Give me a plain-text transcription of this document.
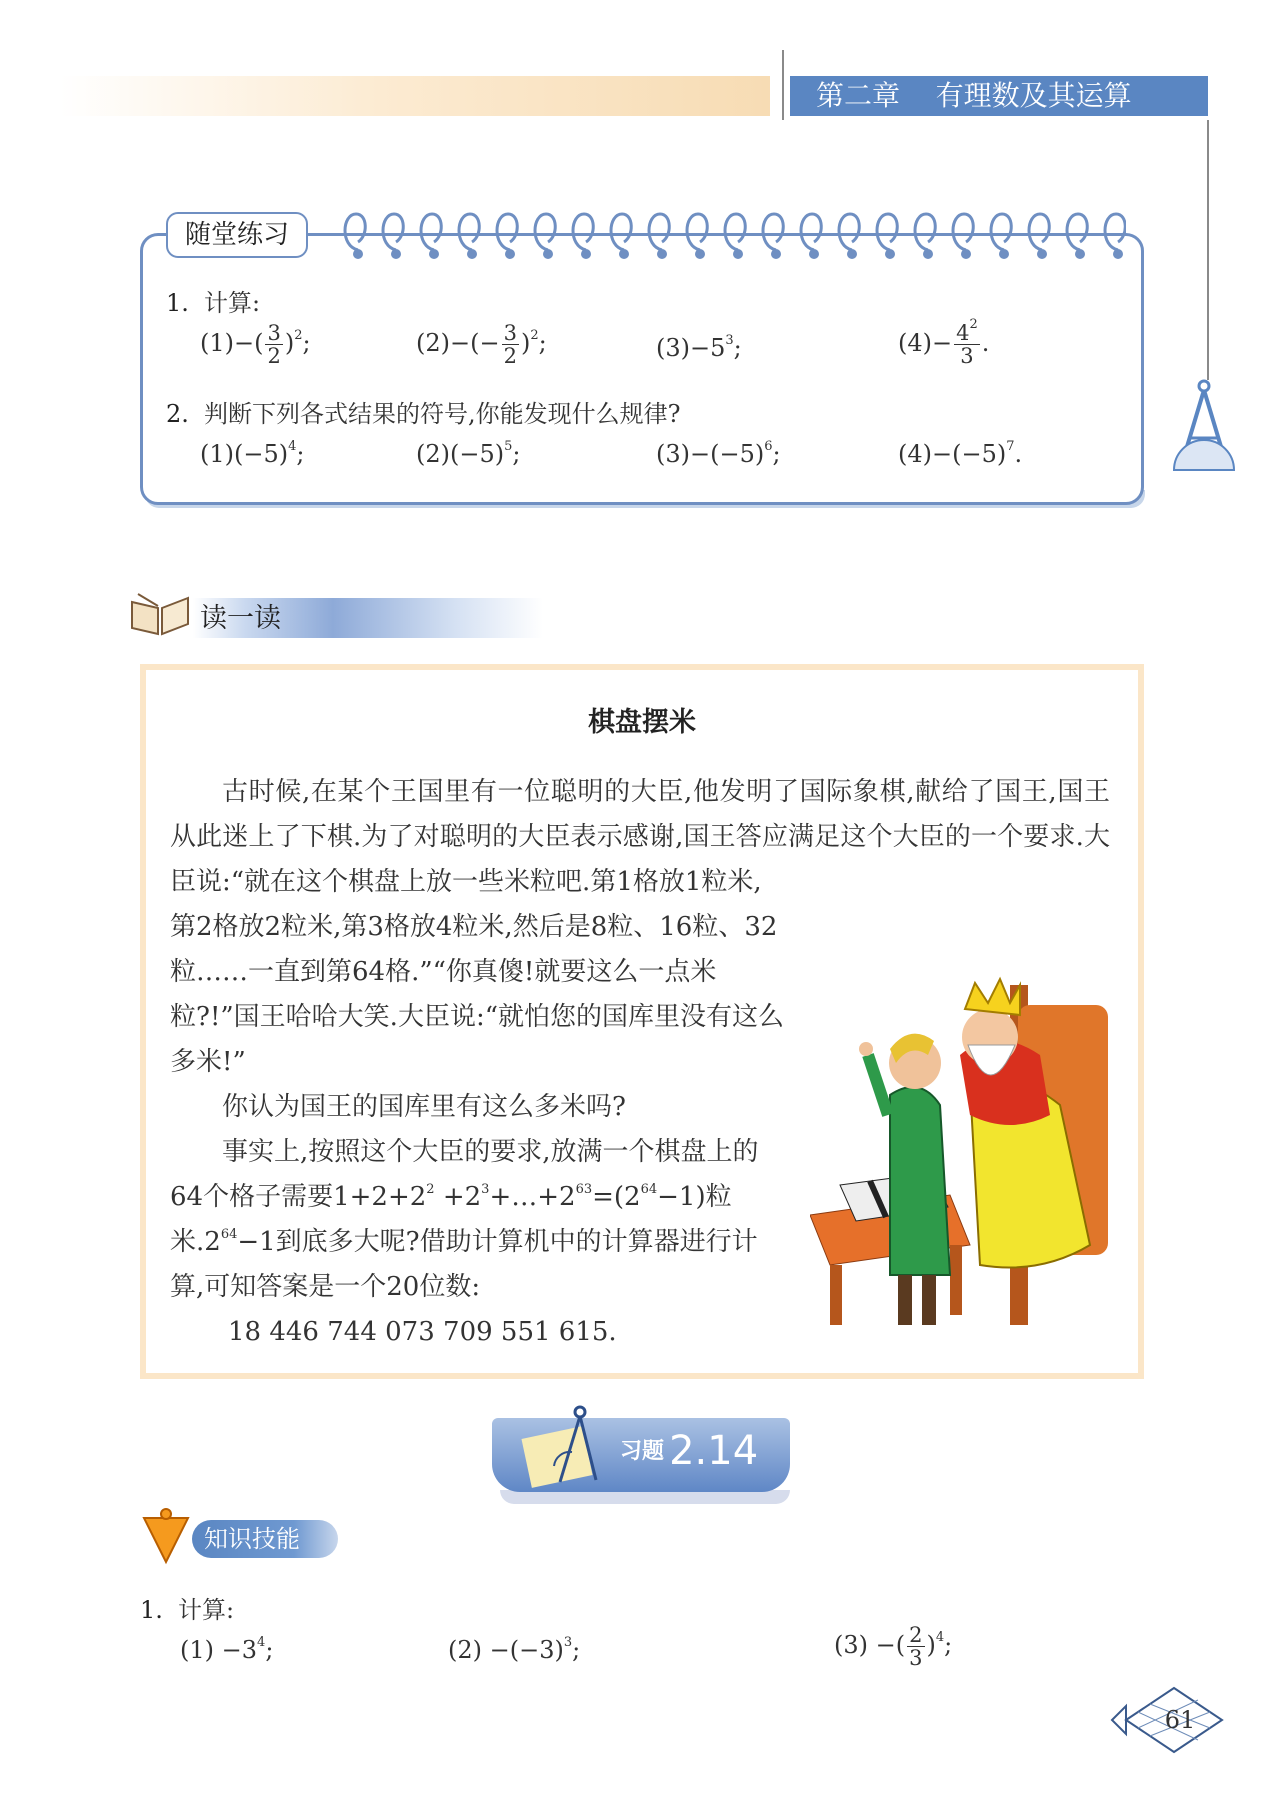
第二章    有理数及其运算
随堂练习
1. 计算:
$(1)-( \frac{3}{2} )^2$;	$(2)-(- \frac{3}{2} )^2$;	$(3)-5^3$;	$(4)- \frac{4^2}{3}$ .
2. 判断下列各式结果的符号,你能发现什么规律?
$(1)(-5)^4$;	$(2)(-5)^5$;	$(3)-(-5)^6$;	$(4)-(-5)^7$.
读一读
棋盘摆米
古时候,在某个王国里有一位聪明的大臣,他发明了国际象棋,献给了国王,国王从此迷上了下棋.为了对聪明的大臣表示感谢,国王答应满足这个大臣的一个要求.大臣说:“就在这个棋盘上放一些米粒吧.第1格放1粒米,
第2格放2粒米,第3格放4粒米,然后是8粒、16粒、32粒……一直到第64格.”“你真傻!就要这么一点米粒?!”国王哈哈大笑.大臣说:“就怕您的国库里没有这么多米!”
你认为国王的国库里有这么多米吗?
事实上,按照这个大臣的要求,放满一个棋盘上的64个格子需要$1+2+2^2$ $+2^3+\dots+2^{63}=(2^{64}-1)$粒米$.2^{64}-1$到底多大呢?借助计算机中的计算器进行计算,可知答案是一个20位数:
18 446 744 073 709 551 615.
习题 2.14
知识技能
1. 计算:
$(1) -3^4$;	$(2) -(-3)^3$;	(3) −( $\frac{2}{3} )^4$;
61
